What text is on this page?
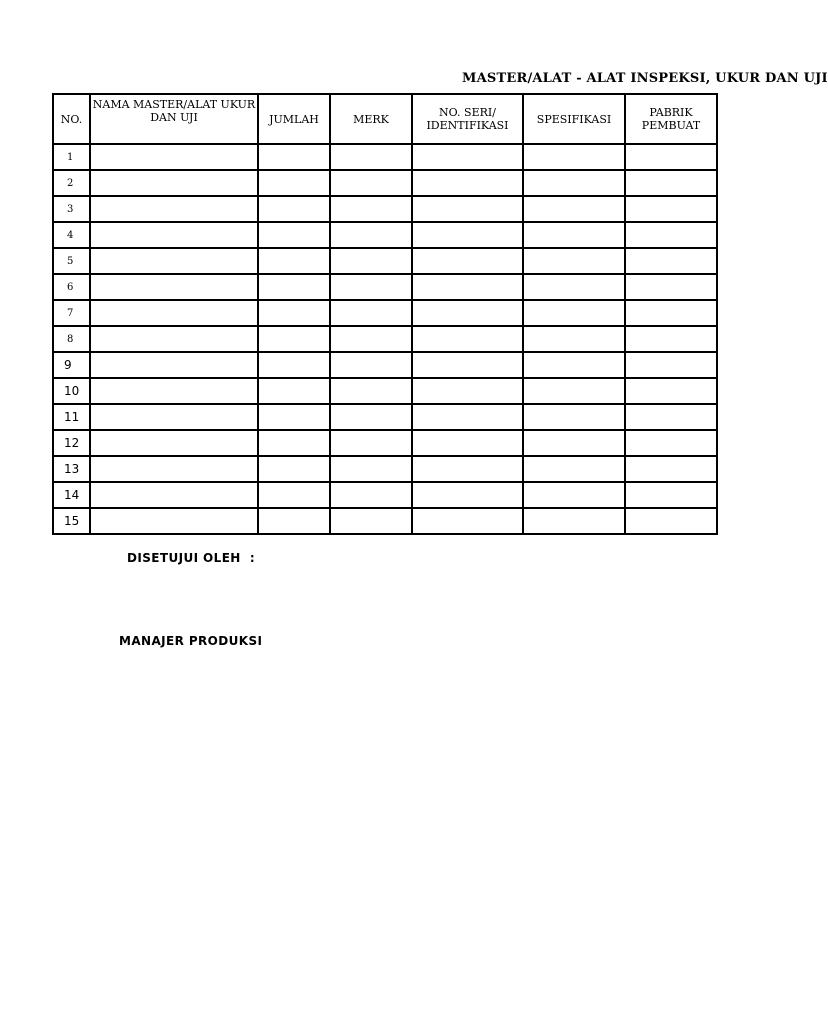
MASTER/ALAT - ALAT INSPEKSI, UKUR DAN UJI
NO.	NAMA MASTER/ALAT UKUR DAN UJI	JUMLAH	MERK	NO. SERI/ IDENTIFIKASI	SPESIFIKASI	PABRIK PEMBUAT
1						
2						
3						
4						
5						
6						
7						
8						
9						
10						
11						
12						
13						
14						
15						
DISETUJUI OLEH  :
MANAJER PRODUKSI
